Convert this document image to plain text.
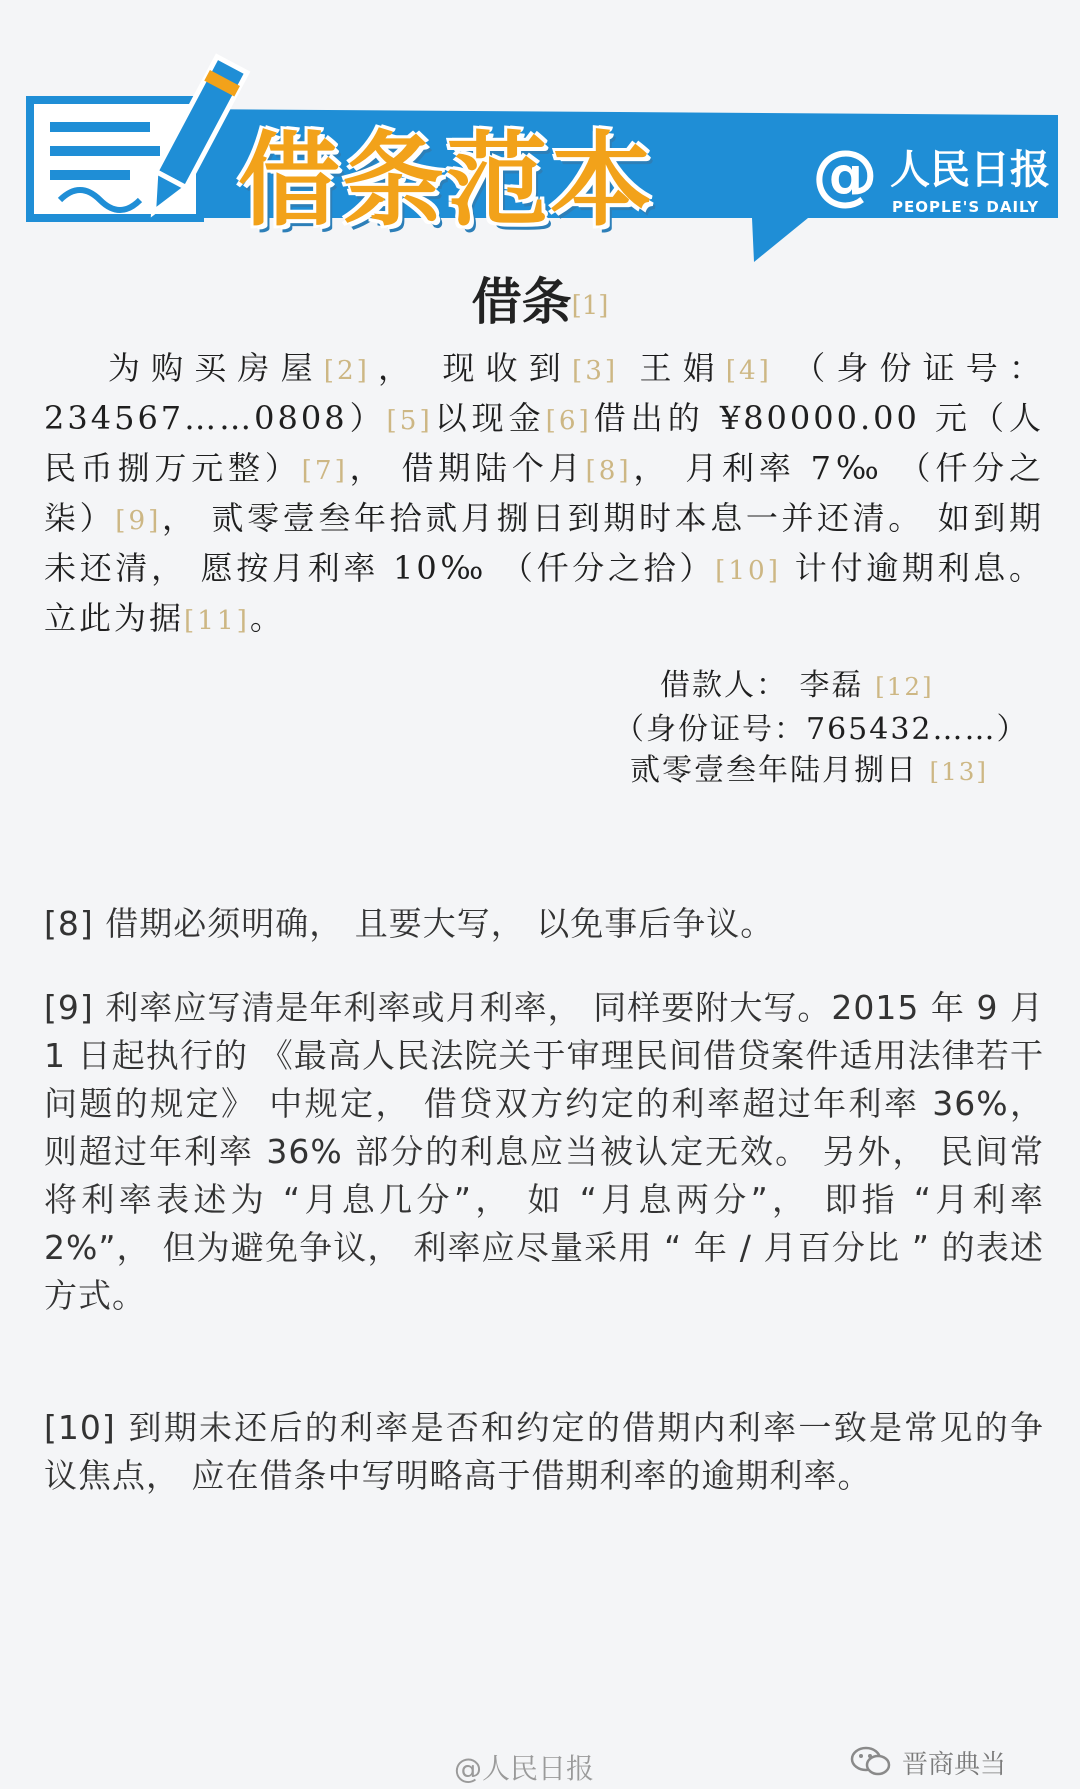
借条范本 @ 人民日报
PEOPLE'S DAILY
借条[1]
为购买房屋[2]， 现收到[3] 王娟[4] （身份证号：234567……0808）[5]以现金[6]借出的 ¥80000.00 元（人民币捌万元整）[7]， 借期陆个月[8]， 月利率 7‰ （仟分之柒）[9]， 贰零壹叁年拾贰月捌日到期时本息一并还清。 如到期未还清， 愿按月利率 10‰ （仟分之拾）[10] 计付逾期利息。 立此为据[11]。
借款人： 李磊 [12]
（身份证号：765432……）
贰零壹叁年陆月捌日 [13]
[8] 借期必须明确， 且要大写， 以免事后争议。
[9] 利率应写清是年利率或月利率， 同样要附大写。2015 年 9 月 1 日起执行的 《最高人民法院关于审理民间借贷案件适用法律若干问题的规定》 中规定， 借贷双方约定的利率超过年利率 36%， 则超过年利率 36% 部分的利息应当被认定无效。 另外， 民间常将利率表述为 “月息几分”， 如 “月息两分”， 即指 “月利率 2%”， 但为避免争议， 利率应尽量采用 “ 年 / 月百分比 ” 的表述方式。
[10] 到期未还后的利率是否和约定的借期内利率一致是常见的争议焦点， 应在借条中写明略高于借期利率的逾期利率。
@人民日报	晋商典当
